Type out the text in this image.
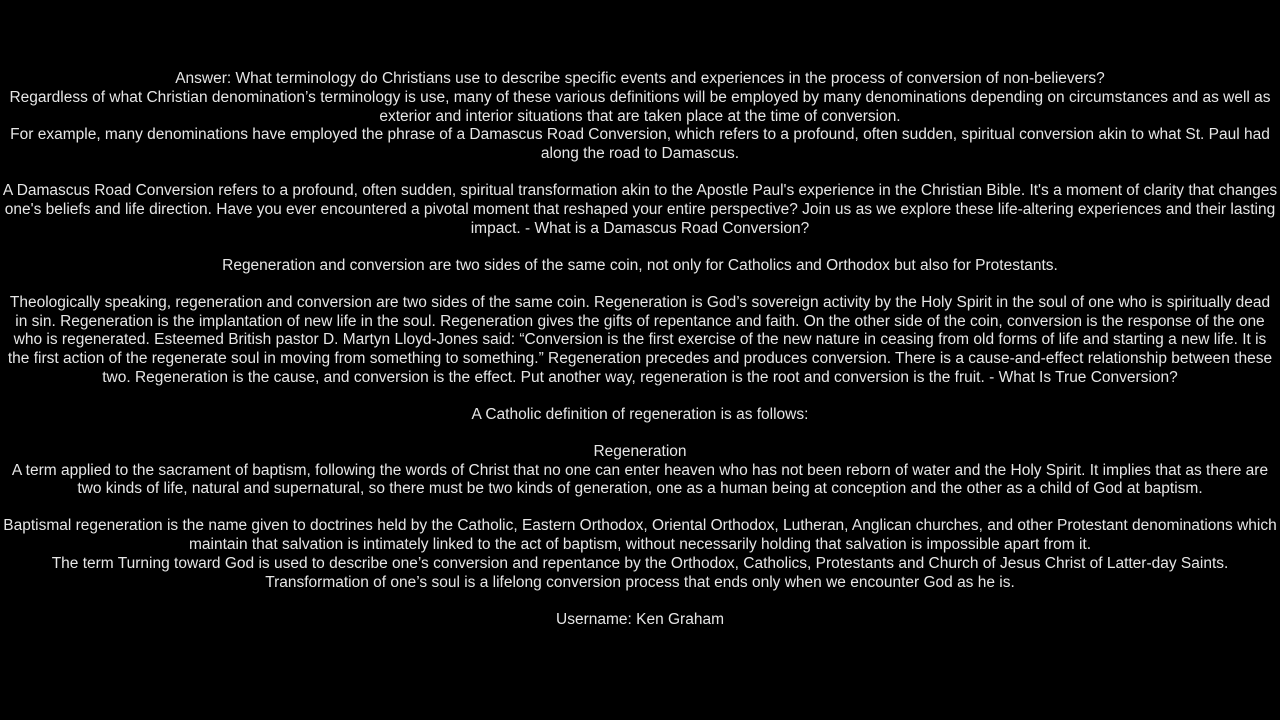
Answer: What terminology do Christians use to describe specific events and experiences in the process of conversion of non-believers?
Regardless of what Christian denomination’s terminology is use, many of these various definitions will be employed by many denominations depending on circumstances and as well as exterior and interior situations that are taken place at the time of conversion.
For example, many denominations have employed the phrase of a Damascus Road Conversion, which refers to a profound, often sudden, spiritual conversion akin to what St. Paul had along the road to Damascus.
A Damascus Road Conversion refers to a profound, often sudden, spiritual transformation akin to the Apostle Paul's experience in the Christian Bible. It's a moment of clarity that changes one's beliefs and life direction. Have you ever encountered a pivotal moment that reshaped your entire perspective? Join us as we explore these life-altering experiences and their lasting impact. - What is a Damascus Road Conversion?
Regeneration and conversion are two sides of the same coin, not only for Catholics and Orthodox but also for Protestants.
Theologically speaking, regeneration and conversion are two sides of the same coin. Regeneration is God’s sovereign activity by the Holy Spirit in the soul of one who is spiritually dead in sin. Regeneration is the implantation of new life in the soul. Regeneration gives the gifts of repentance and faith. On the other side of the coin, conversion is the response of the one who is regenerated. Esteemed British pastor D. Martyn Lloyd-Jones said: “Conversion is the first exercise of the new nature in ceasing from old forms of life and starting a new life. It is the first action of the regenerate soul in moving from something to something.” Regeneration precedes and produces conversion. There is a cause-and-effect relationship between these two. Regeneration is the cause, and conversion is the effect. Put another way, regeneration is the root and conversion is the fruit. - What Is True Conversion?
A Catholic definition of regeneration is as follows:
Regeneration
A term applied to the sacrament of baptism, following the words of Christ that no one can enter heaven who has not been reborn of water and the Holy Spirit. It implies that as there are two kinds of life, natural and supernatural, so there must be two kinds of generation, one as a human being at conception and the other as a child of God at baptism.
Baptismal regeneration is the name given to doctrines held by the Catholic, Eastern Orthodox, Oriental Orthodox, Lutheran, Anglican churches, and other Protestant denominations which maintain that salvation is intimately linked to the act of baptism, without necessarily holding that salvation is impossible apart from it.
The term Turning toward God is used to describe one’s conversion and repentance by the Orthodox, Catholics, Protestants and Church of Jesus Christ of Latter-day Saints.
Transformation of one’s soul is a lifelong conversion process that ends only when we encounter God as he is.
Username: Ken Graham
